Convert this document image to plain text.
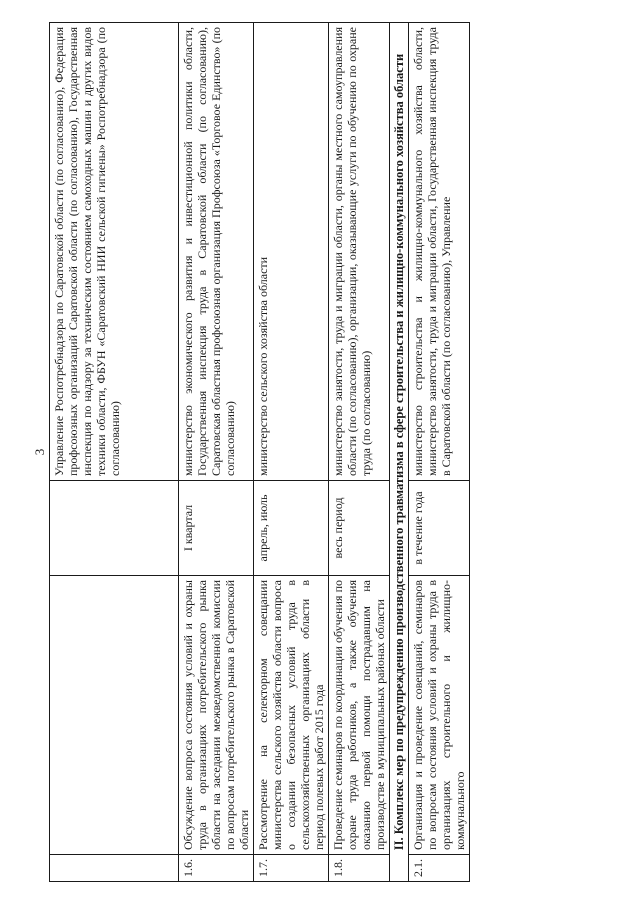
3
			Управление Роспотребнадзора по Саратовской области (по согласованию), Федерация профсоюзных организаций Саратовской области (по согласованию), Государственная инспекция по надзору за техническим состоянием самоходных машин и других видов техники области, ФБУН «Саратовский НИИ сельской гигиены» Роспотребнадзора (по согласованию)
1.6.	Обсуждение вопроса состояния условий и охраны труда в организациях потребительского рынка области на заседании межведомственной комиссии по вопросам потребительского рынка в Саратовской области	I квартал	министерство экономического развития и инвестиционной политики области, Государственная инспекция труда в Саратовской области (по согласованию), Саратовская областная профсоюзная организация Профсоюза «Торговое Единство» (по согласованию)
1.7.	Рассмотрение на селекторном совещании министерства сельского хозяйства области вопроса о создании безопасных условий труда в сельскохозяйственных организациях области в период полевых работ 2015 года	апрель, июль	министерство сельского хозяйства области
1.8.	Проведение семинаров по координации обучения по охране труда работников, а также обучения оказанию первой помощи пострадавшим на производстве в муниципальных районах области	весь период	министерство занятости, труда и миграции области, органы местного самоуправления области (по согласованию), организации, оказывающие услуги по обучению по охране труда (по согласованию)
II. Комплекс мер по предупреждению производственного травматизма в сфере строительства и жилищно-коммунального хозяйства области			
2.1.	Организация и проведение совещаний, семинаров по вопросам состояния условий и охраны труда в организациях строительного и жилищно-коммунального	в течение года	министерство строительства и жилищно-коммунального хозяйства области, министерство занятости, труда и миграции области, Государственная инспекция труда в Саратовской области (по согласованию), Управление
